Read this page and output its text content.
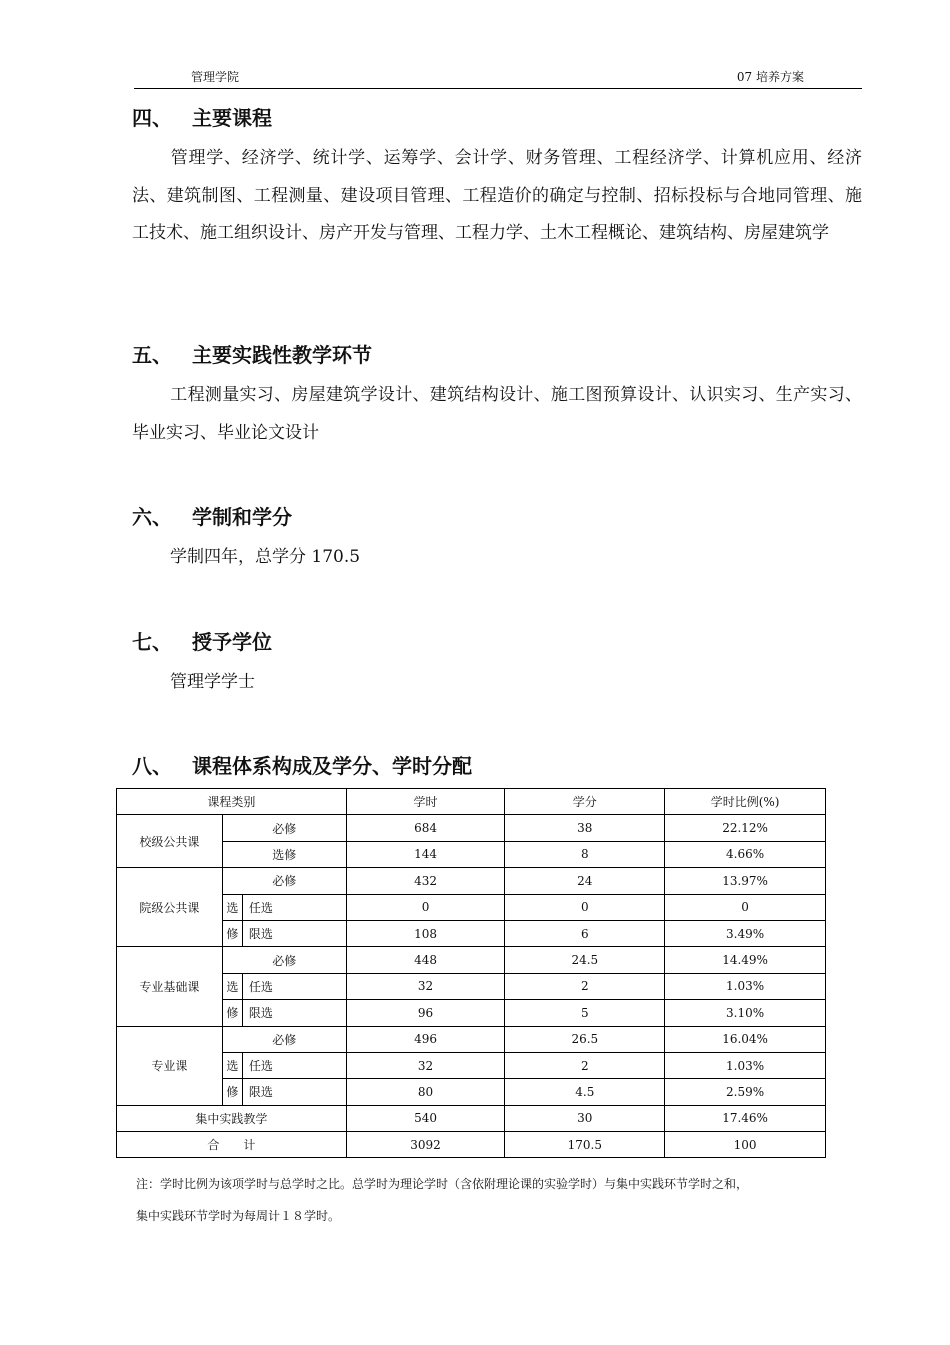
管理学院	07 培养方案
四、 主要课程
管理学、经济学、统计学、运筹学、会计学、财务管理、工程经济学、计算机应用、经济法、建筑制图、工程测量、建设项目管理、工程造价的确定与控制、招标投标与合地同管理、施工技术、施工组织设计、房产开发与管理、工程力学、土木工程概论、建筑结构、房屋建筑学
五、 主要实践性教学环节
工程测量实习、房屋建筑学设计、建筑结构设计、施工图预算设计、认识实习、生产实习、毕业实习、毕业论文设计
六、 学制和学分
学制四年，总学分 170.5
七、 授予学位
管理学学士
八、 课程体系构成及学分、学时分配
课程类别			学时	学分	学时比例(%)
校级公共课	必修		684	38	22.12%
	选修		144	8	4.66%
院级公共课	必修		432	24	13.97%
	选	任选	0	0	0
	修	限选	108	6	3.49%
专业基础课	必修		448	24.5	14.49%
	选	任选	32	2	1.03%
	修	限选	96	5	3.10%
专业课	必修		496	26.5	16.04%
	选	任选	32	2	1.03%
	修	限选	80	4.5	2.59%
集中实践教学			540	30	17.46%
合　　计			3092	170.5	100
注：学时比例为该项学时与总学时之比。总学时为理论学时（含依附理论课的实验学时）与集中实践环节学时之和，
集中实践环节学时为每周计１８学时。
